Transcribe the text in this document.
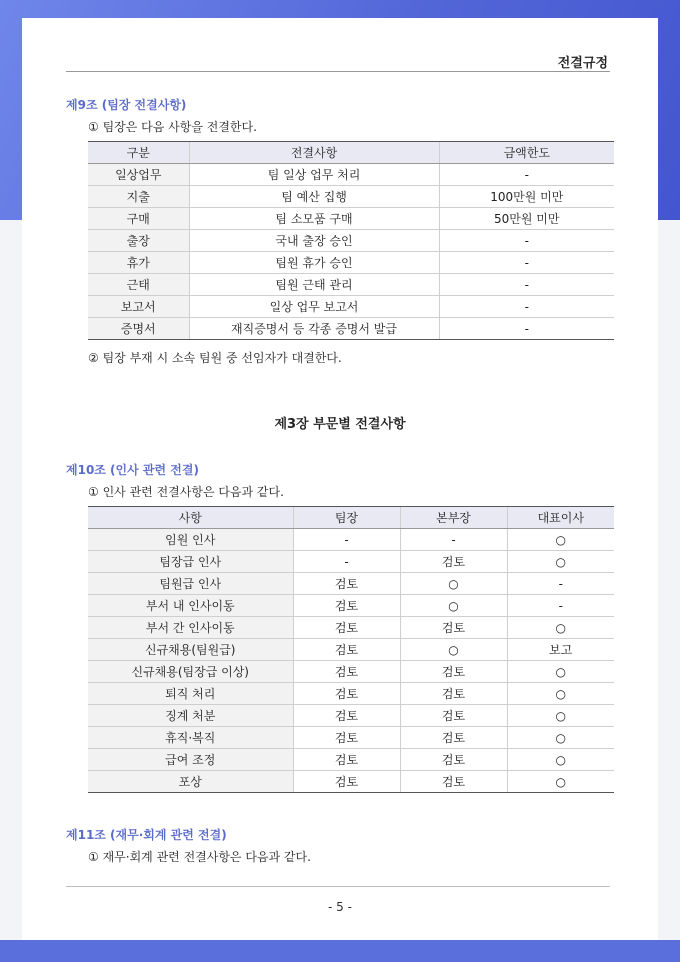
전결규정
제9조 (팀장 전결사항)
① 팀장은 다음 사항을 전결한다.
구분	전결사항	금액한도
일상업무	팀 일상 업무 처리	-
지출	팀 예산 집행	100만원 미만
구매	팀 소모품 구매	50만원 미만
출장	국내 출장 승인	-
휴가	팀원 휴가 승인	-
근태	팀원 근태 관리	-
보고서	일상 업무 보고서	-
증명서	재직증명서 등 각종 증명서 발급	-
② 팀장 부재 시 소속 팀원 중 선임자가 대결한다.
제3장 부문별 전결사항
제10조 (인사 관련 전결)
① 인사 관련 전결사항은 다음과 같다.
사항	팀장	본부장	대표이사
임원 인사	-	-	○
팀장급 인사	-	검토	○
팀원급 인사	검토	○	-
부서 내 인사이동	검토	○	-
부서 간 인사이동	검토	검토	○
신규채용(팀원급)	검토	○	보고
신규채용(팀장급 이상)	검토	검토	○
퇴직 처리	검토	검토	○
징계 처분	검토	검토	○
휴직·복직	검토	검토	○
급여 조정	검토	검토	○
포상	검토	검토	○
제11조 (재무·회계 관련 전결)
① 재무·회계 관련 전결사항은 다음과 같다.
- 5 -
